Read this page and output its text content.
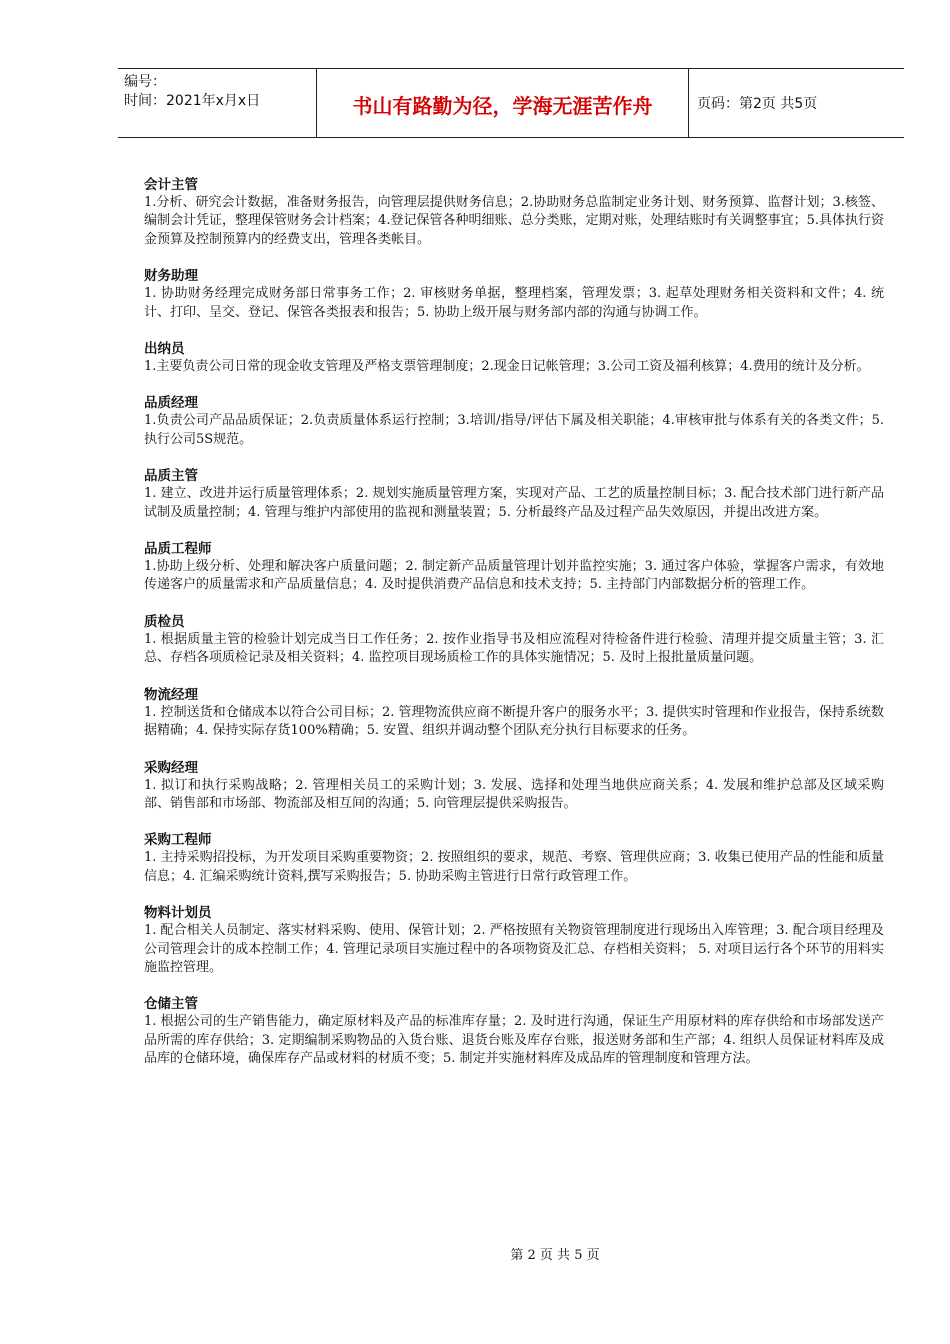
编号：
时间：2021年x月x日	书山有路勤为径，学海无涯苦作舟	页码：第2页 共5页
会计主管
1.分析、研究会计数据，准备财务报告，向管理层提供财务信息；2.协助财务总监制定业务计划、财务预算、监督计划；3.核签、编制会计凭证，整理保管财务会计档案；4.登记保管各种明细账、总分类账，定期对账，处理结账时有关调整事宜；5.具体执行资金预算及控制预算内的经费支出，管理各类帐目。
财务助理
1. 协助财务经理完成财务部日常事务工作；2. 审核财务单据，整理档案，管理发票；3. 起草处理财务相关资料和文件；4. 统计、打印、呈交、登记、保管各类报表和报告；5. 协助上级开展与财务部内部的沟通与协调工作。
出纳员
1.主要负责公司日常的现金收支管理及严格支票管理制度；2.现金日记帐管理；3.公司工资及福利核算；4.费用的统计及分析。
品质经理
1.负责公司产品品质保证；2.负责质量体系运行控制；3.培训/指导/评估下属及相关职能；4.审核审批与体系有关的各类文件；5.执行公司5S规范。
品质主管
1. 建立、改进并运行质量管理体系；2. 规划实施质量管理方案，实现对产品、工艺的质量控制目标；3. 配合技术部门进行新产品试制及质量控制；4. 管理与维护内部使用的监视和测量装置；5. 分析最终产品及过程产品失效原因，并提出改进方案。
品质工程师
1.协助上级分析、处理和解决客户质量问题；2. 制定新产品质量管理计划并监控实施；3. 通过客户体验，掌握客户需求，有效地传递客户的质量需求和产品质量信息；4. 及时提供消费产品信息和技术支持；5. 主持部门内部数据分析的管理工作。
质检员
1. 根据质量主管的检验计划完成当日工作任务；2. 按作业指导书及相应流程对待检备件进行检验、清理并提交质量主管；3. 汇总、存档各项质检记录及相关资料；4. 监控项目现场质检工作的具体实施情况；5. 及时上报批量质量问题。
物流经理
1. 控制送货和仓储成本以符合公司目标；2. 管理物流供应商不断提升客户的服务水平；3. 提供实时管理和作业报告，保持系统数据精确；4. 保持实际存货100%精确；5. 安置、组织并调动整个团队充分执行目标要求的任务。
采购经理
1. 拟订和执行采购战略；2. 管理相关员工的采购计划；3. 发展、选择和处理当地供应商关系；4. 发展和维护总部及区域采购部、销售部和市场部、物流部及相互间的沟通；5. 向管理层提供采购报告。
采购工程师
1. 主持采购招投标，为开发项目采购重要物资；2. 按照组织的要求，规范、考察、管理供应商；3. 收集已使用产品的性能和质量信息；4. 汇编采购统计资料,撰写采购报告；5. 协助采购主管进行日常行政管理工作。
物料计划员
1. 配合相关人员制定、落实材料采购、使用、保管计划；2. 严格按照有关物资管理制度进行现场出入库管理；3. 配合项目经理及公司管理会计的成本控制工作；4. 管理记录项目实施过程中的各项物资及汇总、存档相关资料； 5. 对项目运行各个环节的用料实施监控管理。
仓储主管
1. 根据公司的生产销售能力，确定原材料及产品的标准库存量；2. 及时进行沟通，保证生产用原材料的库存供给和市场部发送产品所需的库存供给；3. 定期编制采购物品的入货台账、退货台账及库存台账，报送财务部和生产部；4. 组织人员保证材料库及成品库的仓储环境，确保库存产品或材料的材质不变；5. 制定并实施材料库及成品库的管理制度和管理方法。
第 2 页 共 5 页
